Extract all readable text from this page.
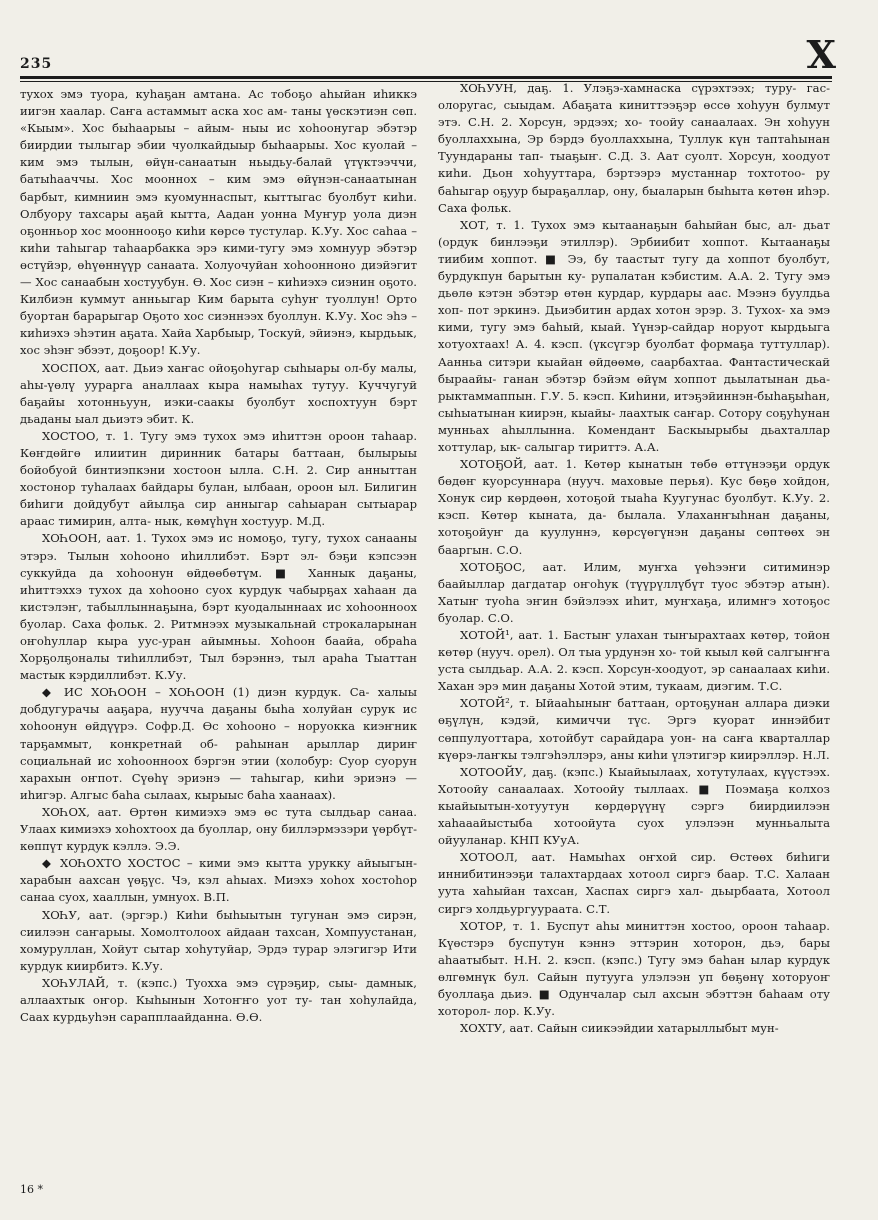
235	Х

тухох эмэ туора, куһаҕан амтана. Ас тобоҕо аһыйан иһиккэ иигэн хаалар. Саҥа астаммыт аска хос ам- таны үөскэтиэн сөп. «Кыым». Хос быһаарыы – айым- ныы ис хоһоонугар эбэтэр биирдии тылыгар эбии чуолкайдыыр быһаарыы. Хос куолай – ким эмэ тылын, өйүн-санаатын ньыдьу-балай үтүктээччи, батыһааччы. Хос мооннох – ким эмэ өйүнэн-санаатынан барбыт, кимниин эмэ куомуннаспыт, кыттыгас буолбут киһи. Олбуору тахсары аҕай кытта, Аадан уонна Муҥур уола диэн оҕонньор хос мооннооҕо киһи көрсө тустулар. К.Уу. Хос саһаа – киһи таһыгар таһаарбакка эрэ кими-тугу эмэ хомнуур эбэтэр өстүйэр, өһүөннүүр санаата. Холуочуйан хоһоонноно диэйэгит — Хос санаабын хостуубун. Ө. Хос сиэн – киһиэхэ сиэнин оҕото. Килбиэн куммут анньыгар Ким барыта суһуҥ туоллун! Орто буортан барарыгар Оҕото хос сиэннээх буоллун. К.Уу. Хос эһэ – киһиэхэ эһэтин аҕата. Хайа Харбыыр, Тоскуй, эйиэнэ, кырдьык, хос эһэҥ эбээт, доҕоор! К.Уу.

ХОСПОХ, аат. Дьиэ хаҥас ойоҕоһугар сыһыары ол-бу малы, аһы-үөлү уурарга аналлаах кыра намыһах тутуу. Куччугуй баҕайы хотонньуун, иэки-саакы буолбут хоспохтуун бэрт дьаданы ыал дьиэтэ эбит. К.

ХОСТОО, т. 1. Тугу эмэ тухох эмэ иһиттэн ороон таһаар. Көҥдөйгө илиитин диринник батары баттаан, былырыы бойобуой бинтиэпкэни хостоон ылла. С.Н. 2. Сир анныттан хостонор туһалаах байдары булан, ылбаан, ороон ыл. Билигин биһиги дойдубут айылҕа сир анныгар саһыаран сытыарар араас тимирин, алта- нык, көмүһүн хостуур. М.Д.

ХОҺООН, аат. 1. Тухох эмэ ис номоҕо, тугу, тухох санааны этэрэ. Тылын хоһооно иһиллибэт. Бэрт эл- бэҕи кэпсээн суккуйда да хоһоонун өйдөөбөтүм. ■ Ханнык даҕаны, иһиттэххэ тухох да хоһооно суох курдук чабырҕах хаһаан да кистэлэҥ, табыллыннаҕына, бэрт куодалыннаах ис хоһоонноох буолар. Саха фольк. 2. Ритмнээх музыкальнай строкаларынан оҥоһуллар кыра уус-уран айымньы. Хоһоон баайа, обраһа Хорҕолҕоналы тиһиллибэт, Тыл бэрэннэ, тыл араһа Тыаттан мастык кэрдиллибэт. К.Уу.

◆ ИС ХОҺООН – ХОҺООН (1) диэн курдук. Са- халыы добдугурачы ааҕара, нуучча даҕаны быһа холуйан сурук ис хоһоонун өйдүүрэ. Софр.Д. Өс хоһооно – норуокка киэҥник тарҕаммыт, конкретнай об- раһынан арыллар дириҥ социальнай ис хоһоонноох бэргэн этии (холобур: Суор суорун харахын оҥпот. Сүөһү эриэнэ — таһыгар, киһи эриэнэ — иһигэр. Алгыс баһа сылаах, кырыыс баһа хаанаах).

ХОҺОХ, аат. Өртөн кимиэхэ эмэ өс тута сылдьар санаа. Улаах кимиэхэ хоһохтоох да буоллар, ону биллэрмэзэри үөрбүт-көппүт курдук кэллэ. Э.Э.

◆ ХОҺОХТО ХОСТОС – кими эмэ кытта урукку айыыгын-харабын аахсан үөҕүс. Чэ, кэл аһыах. Миэхэ хоһох хостоһор санаа суох, хааллын, умнуох. В.П.

ХОҺУ, аат. (эргэр.) Киһи быһыытын тугунан эмэ сирэн, сиилээн саҥарыы. Хомолтолоох айдаан тахсан, Хомпуустанан, хомуруллан, Хойут сытар хоһутуйар, Эрдэ турар элэгигэр Ити курдук киирбитэ. К.Уу.

ХОҺУЛАЙ, т. (кэпс.) Туохха эмэ сүрэҕир, сыы- дамнык, аллаахтык оҥор. Кыһынын Хотоҥҥо уот ту- тан хоһулайда, Саах курдьуһэн сарапплаайданна. Ө.Ө.

ХОҺУУН, даҕ. 1. Улэҕэ-хамнаска сүрэхтээх; туру- гас-олоругас, сыыдам. Абаҕата киниттээҕэр өссө хоһуун булмут этэ. С.Н. 2. Хорсун, эрдээх; хо- тоойу санаалаах. Эн хоһуун буоллаххына, Эр бэрдэ буоллаххына, Туллук күн таптаһынан Туундараны тап- тыаҕыҥ. С.Д. 3. Аат суолт. Хорсун, хоодуот киһи. Дьон хоһууттара, бэртээрэ мустаннар тохтотоо- ру баһыгар оҕуур быраҕаллар, ону, быаларын быһыта көтөн иһэр. Саха фольк.

ХОТ, т. 1. Тухох эмэ кытаанаҕын баһыйан быс, ал- дьат (ордук бинлээҕи этиллэр). Эрбиибит хоппот. Кытаанаҕы тиибим хоппот. ■ Ээ, бу таастыт тугу да хоппот буолбут, бурдукпун барытын ку- рупалатан кэбистим. А.А. 2. Тугу эмэ дьөлө кэтэн эбэтэр өтөн курдар, курдары аас. Мээнэ буулдьа хоп- пот эркинэ. Дьиэбитин ардах хотон эрэр. 3. Тухох- ха эмэ кими, тугу эмэ баһый, кыай. Үүнэр-сайдар норуот кырдьыга хотуохтаах! А. 4. кэсп. (үксүгэр буолбат формаҕа туттуллар). Аанньа ситэри кыайан өйдөөмө, саарбахтаа. Фантастическай быраайы- ганан эбэтэр бэйэм өйүм хоппот дьылатынан дьа- рыктаммаппын. Г.У. 5. кэсп. Киһини, итэҕэйиннэн-быһаҕыһан, сыһыатынан киирэн, кыайы- лаахтык саҥар. Сотору соҕуһунан мунньах аһыллынна. Комендант Баскыырыбы дьахталлар хоттулар, ык- салыгар тириттэ. А.А.

ХОТОҔОЙ, аат. 1. Көтөр кынатын төбө өттүнээҕи ордук бөдөҥ куорсуннара (нууч. маховые перья). Кус бөҕө хойдон, Хонук сир көрдөөн, хотоҕой тыаһа Куугунас буолбут. К.Уу. 2. кэсп. Көтөр кыната, да- былала. Улаханҥыһнан даҕаны, хотоҕойуҥ да куулуннэ, көрсүөгүнэн даҕаны сөптөөх эн бааргын. С.О.

ХОТОҔОС, аат. Илим, муҥха үөһээҥи ситиминэр баайыллар дагдатар оҥоһук (түүрүллүбүт туос эбэтэр атын). Хатыҥ туоһа эҥин бэйэлээх иһит, муҥхаҕа, илимҥэ хотоҕос буолар. С.О.

ХОТОЙ¹, аат. 1. Бастыҥ улахан тыҥырахтаах көтөр, тойон көтөр (нууч. орел). Ол тыа урдунэн хо- той кыыл көй салгыҥҥа уста сылдьар. А.А. 2. кэсп. Хорсун-хоодуот, эр санаалаах киһи. Хахан эрэ мин даҕаны Хотой этим, тукаам, диэгим. Т.С.

ХОТОЙ², т. Ыйааһыныҥ баттаан, ортоҕунан аллара диэки өҕүлүн, кэдэй, кимиччи түс. Эргэ куорат иннэйбит сөппулуоттара, хотойбут сарайдара уон- на саҥа кварталлар күөрэ-лаҥкы тэлгэһэллэрэ, аны киһи үлэтигэр киирэллэр. Н.Л.

ХОТООЙУ, даҕ. (кэпс.) Кыайыылаах, хотутулаах, күүстээх. Хотоойу санаалаах. Хотоойу тыллаах. ■ Поэмаҕа колхоз кыайыытын-хотуутун көрдөрүүнү сэргэ биирдиилээн хаһааайыстыба хотоойута суох улэлээн мунньалыта ойууланар. КНП КУуА.

ХОТООЛ, аат. Намыһах оҥхой сир. Өстөөх биһиги иннибитинээҕи талахтардаах хотоол сиргэ баар. Т.С. Халаан уута хаһыйан тахсан, Хаспах сиргэ хал- дьырбаата, Хотоол сиргэ холдьургуураата. С.Т.

ХОТОР, т. 1. Буспут аһы миниттэн хостоо, ороон таһаар. Күөстэрэ буспутун кэннэ эттэрин хоторон, дьэ, бары аһаатыбыт. Н.Н. 2. кэсп. (кэпс.) Тугу эмэ баһан ылар курдук өлгөмнүк бул. Сайын путууга улэлээн уп бөҕөнү хоторуоҥ буоллаҕа дьиэ. ■ Одунчалар сыл ахсын эбэттэн баһаам оту хоторол- лор. К.Уу.

ХОХТУ, аат. Сайын сиикээйдии хатарыллыбыт мун-

16 *
